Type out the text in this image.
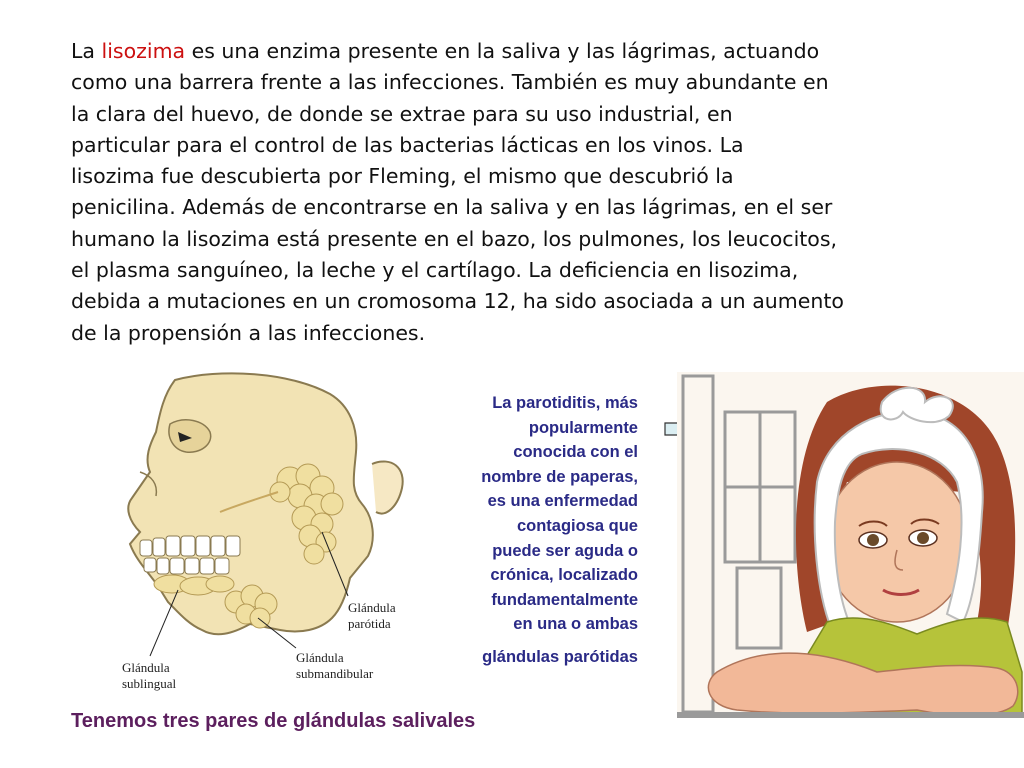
La lisozima es una enzima presente en la saliva y las lágrimas, actuando
como una barrera frente a las infecciones. También es muy abundante en
la clara del huevo, de donde se extrae para su uso industrial, en
particular para el control de las bacterias lácticas en los vinos. La
lisozima fue descubierta por Fleming, el mismo que descubrió la
penicilina. Además de encontrarse en la saliva y en las lágrimas, en el ser
humano la lisozima está presente en el bazo, los pulmones, los leucocitos,
el plasma sanguíneo, la leche y el cartílago. La deficiencia en lisozima,
debida a mutaciones en un cromosoma 12, ha sido asociada a un aumento
de la propensión a las infecciones.

Glándula
parótida
Glándula
submandibular
Glándula
sublingual
La parotiditis, más
popularmente
conocida con el
nombre de paperas,
es una enfermedad
contagiosa que
puede ser aguda o
crónica, localizado
fundamentalmente
en una o ambas
glándulas parótidas
Tenemos tres pares de glándulas salivales
